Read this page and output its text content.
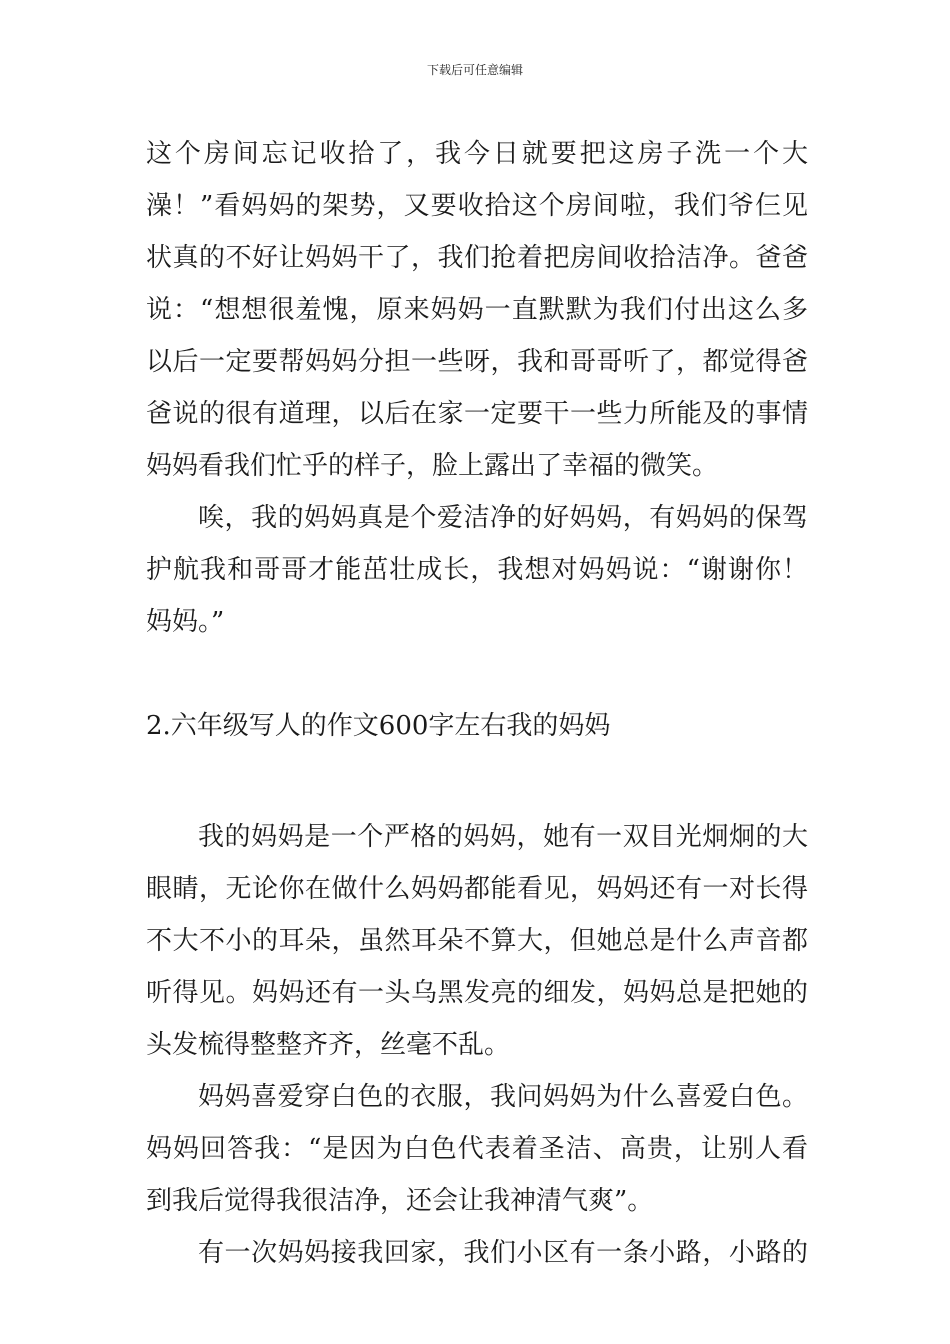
下载后可任意编辑
这个房间忘记收拾了，我今日就要把这房子洗一个大
澡！”看妈妈的架势，又要收拾这个房间啦，我们爷仨见
状真的不好让妈妈干了，我们抢着把房间收拾洁净。爸爸
说：“想想很羞愧，原来妈妈一直默默为我们付出这么多
以后一定要帮妈妈分担一些呀，我和哥哥听了，都觉得爸
爸说的很有道理，以后在家一定要干一些力所能及的事情
妈妈看我们忙乎的样子，脸上露出了幸福的微笑。
唉，我的妈妈真是个爱洁净的好妈妈，有妈妈的保驾
护航我和哥哥才能茁壮成长，我想对妈妈说：“谢谢你！
妈妈。”
2.六年级写人的作文600字左右我的妈妈
我的妈妈是一个严格的妈妈，她有一双目光炯炯的大
眼睛，无论你在做什么妈妈都能看见，妈妈还有一对长得
不大不小的耳朵，虽然耳朵不算大，但她总是什么声音都
听得见。妈妈还有一头乌黑发亮的细发，妈妈总是把她的
头发梳得整整齐齐，丝毫不乱。
妈妈喜爱穿白色的衣服，我问妈妈为什么喜爱白色。
妈妈回答我：“是因为白色代表着圣洁、高贵，让别人看
到我后觉得我很洁净，还会让我神清气爽”。
有一次妈妈接我回家，我们小区有一条小路，小路的
